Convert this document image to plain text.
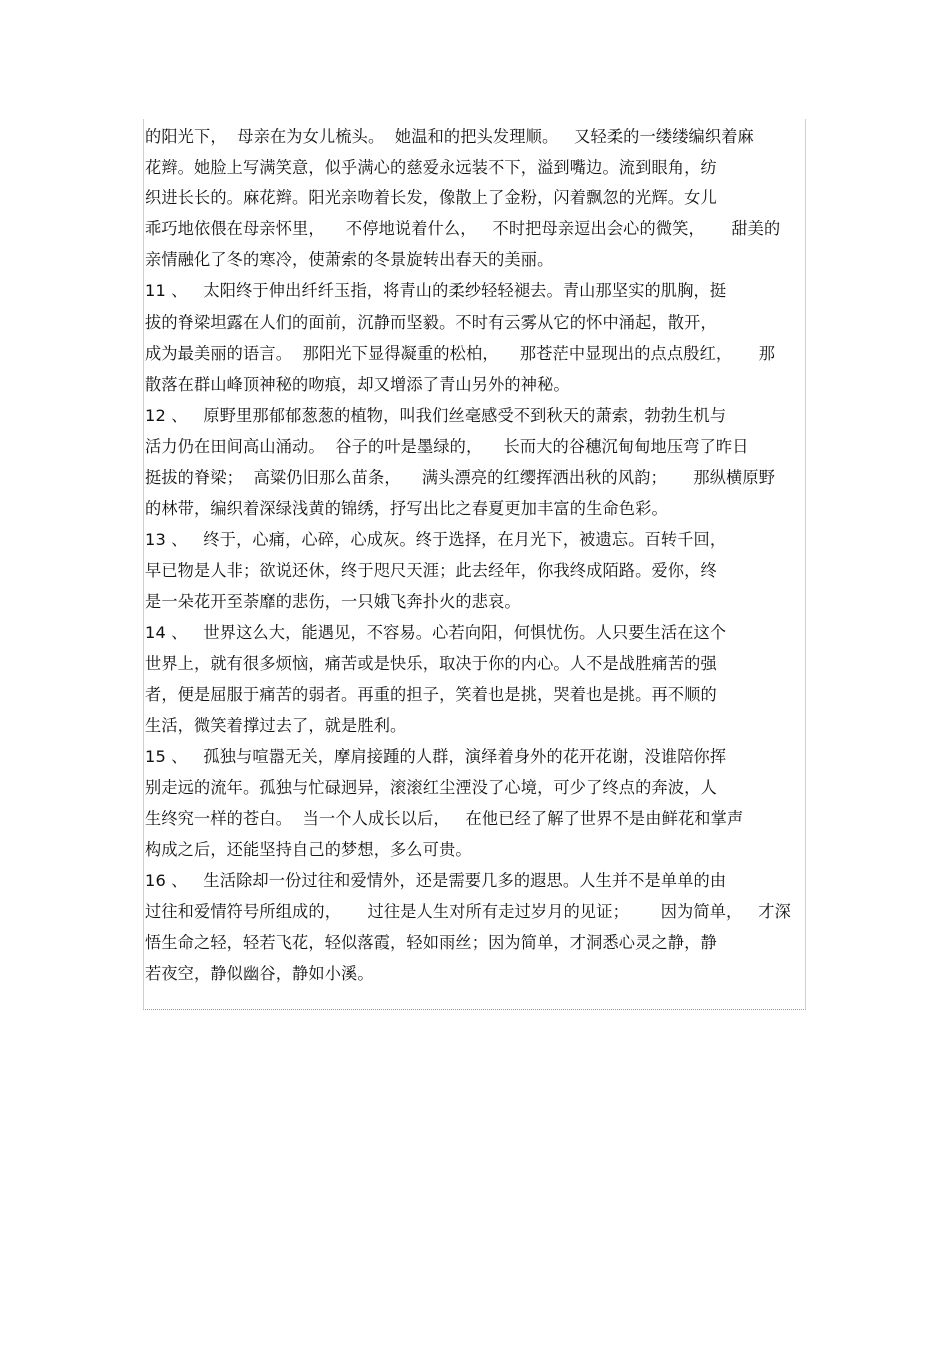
的阳光下，  母亲在为女儿梳头。  她温和的把头发理顺。   又轻柔的一缕缕编织着麻
花辫。她脸上写满笑意，似乎满心的慈爱永远装不下，溢到嘴边。流到眼角，纺
织进长长的。麻花辫。阳光亲吻着长发，像散上了金粉，闪着飘忽的光辉。女儿
乖巧地依偎在母亲怀里，    不停地说着什么，   不时把母亲逗出会心的微笑，     甜美的
亲情融化了冬的寒冷，使萧索的冬景旋转出春天的美丽。
11 、   太阳终于伸出纤纤玉指，将青山的柔纱轻轻褪去。青山那坚实的肌胸，挺
拔的脊梁坦露在人们的面前，沉静而坚毅。不时有云雾从它的怀中涌起，散开，
成为最美丽的语言。  那阳光下显得凝重的松柏，    那苍茫中显现出的点点殷红，     那
散落在群山峰顶神秘的吻痕，却又增添了青山另外的神秘。
12 、   原野里那郁郁葱葱的植物，叫我们丝毫感受不到秋天的萧索，勃勃生机与
活力仍在田间高山涌动。  谷子的叶是墨绿的，    长而大的谷穗沉甸甸地压弯了昨日
挺拔的脊梁；  高粱仍旧那么苗条，    满头漂亮的红缨挥洒出秋的风韵；     那纵横原野
的林带，编织着深绿浅黄的锦绣，抒写出比之春夏更加丰富的生命色彩。
13 、   终于，心痛，心碎，心成灰。终于选择，在月光下，被遗忘。百转千回，
早已物是人非；欲说还休，终于咫尺天涯；此去经年，你我终成陌路。爱你，终
是一朵花开至荼靡的悲伤，一只娥飞奔扑火的悲哀。
14 、   世界这么大，能遇见，不容易。心若向阳，何惧忧伤。人只要生活在这个
世界上，就有很多烦恼，痛苦或是快乐，取决于你的内心。人不是战胜痛苦的强
者，便是屈服于痛苦的弱者。再重的担子，笑着也是挑，哭着也是挑。再不顺的
生活，微笑着撑过去了，就是胜利。
15 、   孤独与喧嚣无关，摩肩接踵的人群，演绎着身外的花开花谢，没谁陪你挥
别走远的流年。孤独与忙碌迥异，滚滚红尘湮没了心境，可少了终点的奔波，人
生终究一样的苍白。  当一个人成长以后，   在他已经了解了世界不是由鲜花和掌声
构成之后，还能坚持自己的梦想，多么可贵。
16 、   生活除却一份过往和爱情外，还是需要几多的遐思。人生并不是单单的由
过往和爱情符号所组成的，     过往是人生对所有走过岁月的见证；      因为简单，   才深
悟生命之轻，轻若飞花，轻似落霞，轻如雨丝；因为简单，才洞悉心灵之静，静
若夜空，静似幽谷，静如小溪。
